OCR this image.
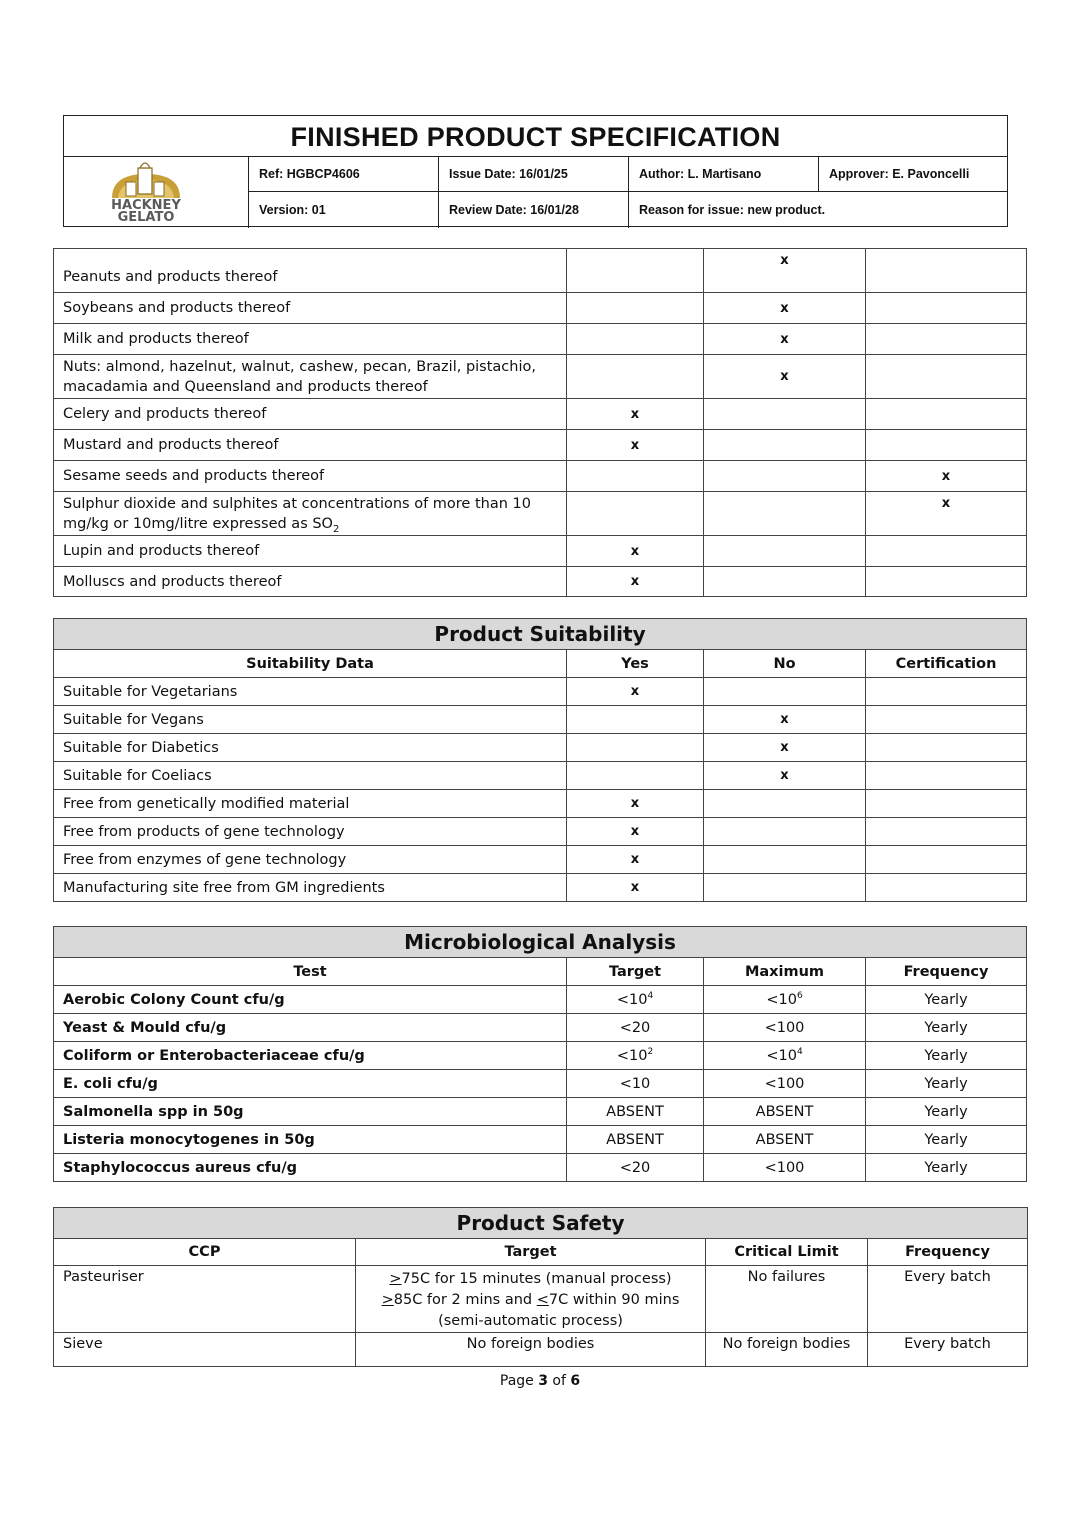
FINISHED PRODUCT SPECIFICATION
HACKNEY
GELATO
Ref: HGBCP4606	Issue Date: 16/01/25	Author: L. Martisano	Approver: E. Pavoncelli
Version: 01	Review Date: 16/01/28	Reason for issue: new product.
Peanuts and products thereof		x	
Soybeans and products thereof		x	
Milk and products thereof		x	
Nuts: almond, hazelnut, walnut, cashew, pecan, Brazil, pistachio, macadamia and Queensland and products thereof		x	
Celery and products thereof	x		
Mustard and products thereof	x		
Sesame seeds and products thereof			x
Sulphur dioxide and sulphites at concentrations of more than 10 mg/kg or 10mg/litre expressed as $SO_2$			x
Lupin and products thereof	x		
Molluscs and products thereof	x		
Product Suitability			
Suitability Data	Yes	No	Certification
Suitable for Vegetarians	x		
Suitable for Vegans		x	
Suitable for Diabetics		x	
Suitable for Coeliacs		x	
Free from genetically modified material	x		
Free from products of gene technology	x		
Free from enzymes of gene technology	x		
Manufacturing site free from GM ingredients	x		
Microbiological Analysis			
Test	Target	Maximum	Frequency
Aerobic Colony Count cfu/g	$<10^4$	$<10^6$	Yearly
Yeast & Mould cfu/g	<20	<100	Yearly
Coliform or Enterobacteriaceae cfu/g	$<10^2$	$<10^4$	Yearly
E. coli cfu/g	<10	<100	Yearly
Salmonella spp in 50g	ABSENT	ABSENT	Yearly
Listeria monocytogenes in 50g	ABSENT	ABSENT	Yearly
Staphylococcus aureus cfu/g	<20	<100	Yearly
Product Safety			
CCP	Target	Critical Limit	Frequency
Pasteuriser	≥75C for 15 minutes (manual process)
≥85C for 2 mins and ≤7C within 90 mins
(semi-automatic process)	No failures	Every batch
Sieve	No foreign bodies	No foreign bodies	Every batch
Page 3 of 6
